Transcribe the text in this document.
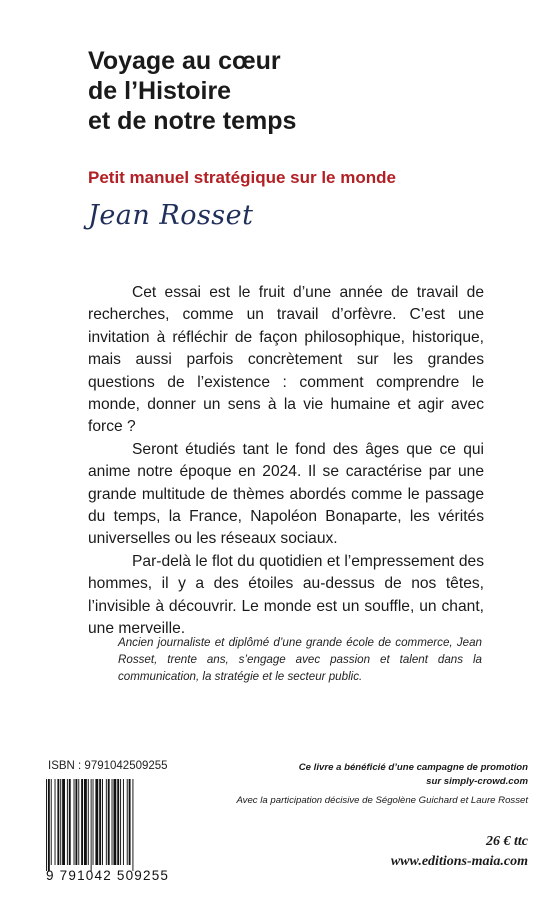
Voyage au cœur
de l’Histoire
et de notre temps
Petit manuel stratégique sur le monde
Jean Rosset

Cet essai est le fruit d’une année de travail de recherches, comme un travail d’orfèvre. C’est une invitation à réfléchir de façon philosophique, historique, mais aussi parfois concrètement sur les grandes questions de l’existence : comment comprendre le monde, donner un sens à la vie humaine et agir avec force ?

Seront étudiés tant le fond des âges que ce qui anime notre époque en 2024. Il se caractérise par une grande multitude de thèmes abordés comme le passage du temps, la France, Napoléon Bonaparte, les vérités universelles ou les réseaux sociaux.

Par-delà le flot du quotidien et l’empressement des hommes, il y a des étoiles au-dessus de nos têtes, l’invisible à découvrir. Le monde est un souffle, un chant, une merveille.

Ancien journaliste et diplômé d’une grande école de commerce, Jean Rosset, trente ans, s’engage avec passion et talent dans la communication, la stratégie et le secteur public.
ISBN : 9791042509255
9 791042 509255
Ce livre a bénéficié d’une campagne de promotion
sur simply-crowd.com
Avec la participation décisive de Ségolène Guichard et Laure Rosset
26 € ttc
www.editions-maia.com
